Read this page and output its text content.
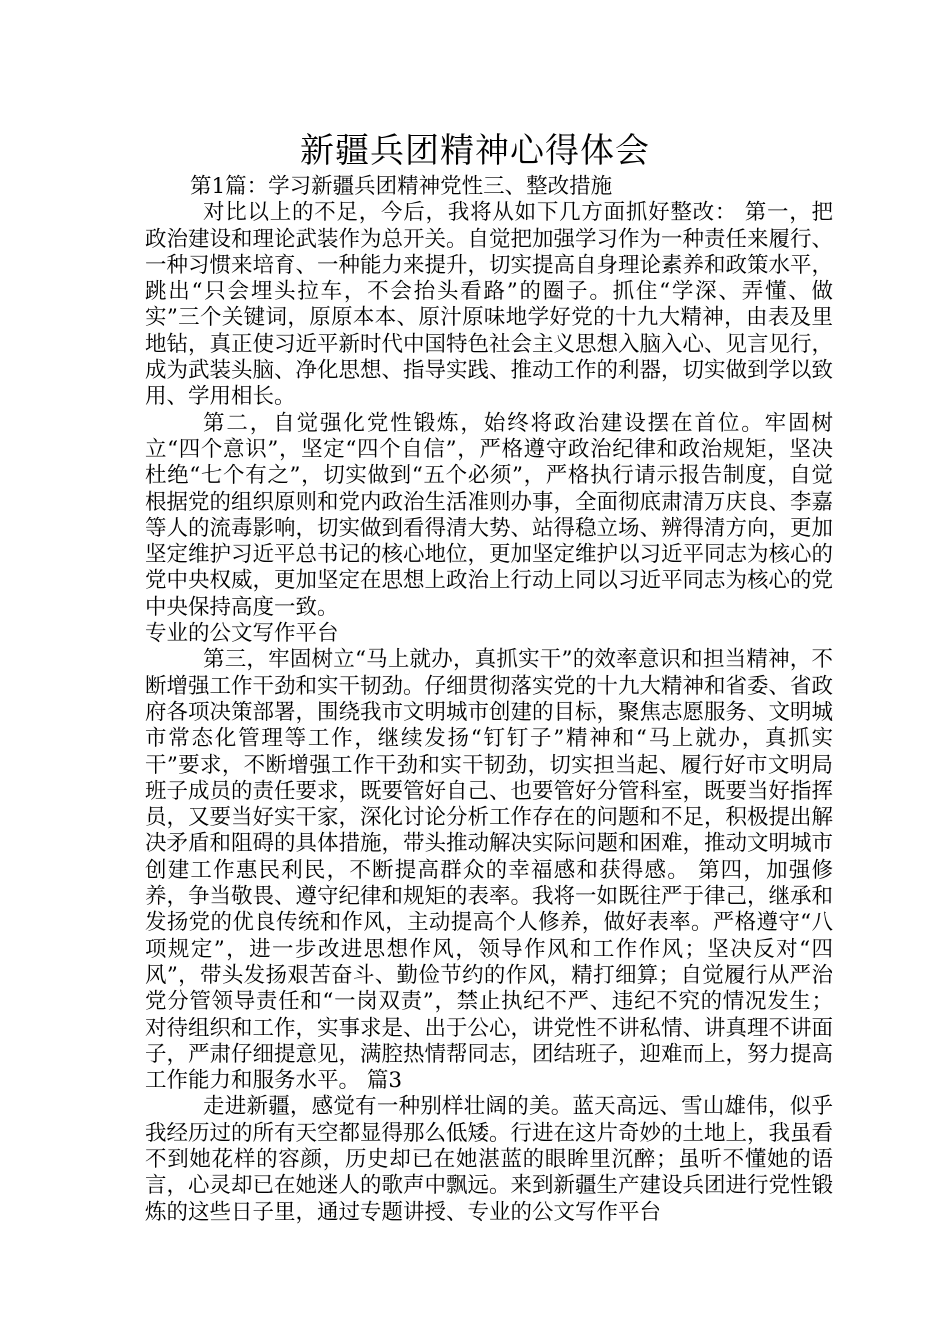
新疆兵团精神心得体会

第1篇：学习新疆兵团精神党性三、整改措施

对比以上的不足，今后，我将从如下几方面抓好整改： 第一，把政治建设和理论武装作为总开关。自觉把加强学习作为一种责任来履行、一种习惯来培育、一种能力来提升，切实提高自身理论素养和政策水平，跳出“只会埋头拉车，不会抬头看路”的圈子。抓住“学深、弄懂、做实”三个关键词，原原本本、原汁原味地学好党的十九大精神，由表及里地钻，真正使习近平新时代中国特色社会主义思想入脑入心、见言见行，成为武装头脑、净化思想、指导实践、推动工作的利器，切实做到学以致用、学用相长。

第二，自觉强化党性锻炼，始终将政治建设摆在首位。牢固树立“四个意识”，坚定“四个自信”，严格遵守政治纪律和政治规矩，坚决杜绝“七个有之”，切实做到“五个必须”，严格执行请示报告制度，自觉根据党的组织原则和党内政治生活准则办事，全面彻底肃清万庆良、李嘉等人的流毒影响，切实做到看得清大势、站得稳立场、辨得清方向，更加坚定维护习近平总书记的核心地位，更加坚定维护以习近平同志为核心的党中央权威，更加坚定在思想上政治上行动上同以习近平同志为核心的党中央保持高度一致。

专业的公文写作平台

第三，牢固树立“马上就办，真抓实干”的效率意识和担当精神，不断增强工作干劲和实干韧劲。仔细贯彻落实党的十九大精神和省委、省政府各项决策部署，围绕我市文明城市创建的目标，聚焦志愿服务、文明城市常态化管理等工作，继续发扬“钉钉子”精神和“马上就办，真抓实干”要求，不断增强工作干劲和实干韧劲，切实担当起、履行好市文明局班子成员的责任要求，既要管好自己、也要管好分管科室，既要当好指挥员，又要当好实干家，深化讨论分析工作存在的问题和不足，积极提出解决矛盾和阻碍的具体措施，带头推动解决实际问题和困难，推动文明城市创建工作惠民利民，不断提高群众的幸福感和获得感。 第四，加强修养，争当敬畏、遵守纪律和规矩的表率。我将一如既往严于律己，继承和发扬党的优良传统和作风，主动提高个人修养，做好表率。严格遵守“八项规定”，进一步改进思想作风，领导作风和工作作风；坚决反对“四风”，带头发扬艰苦奋斗、勤俭节约的作风，精打细算；自觉履行从严治党分管领导责任和“一岗双责”，禁止执纪不严、违纪不究的情况发生；对待组织和工作，实事求是、出于公心，讲党性不讲私情、讲真理不讲面子，严肃仔细提意见，满腔热情帮同志，团结班子，迎难而上，努力提高工作能力和服务水平。 篇3

走进新疆，感觉有一种别样壮阔的美。蓝天高远、雪山雄伟，似乎我经历过的所有天空都显得那么低矮。行进在这片奇妙的土地上，我虽看不到她花样的容颜，历史却已在她湛蓝的眼眸里沉醉；虽听不懂她的语言，心灵却已在她迷人的歌声中飘远。来到新疆生产建设兵团进行党性锻炼的这些日子里，通过专题讲授、专业的公文写作平台
